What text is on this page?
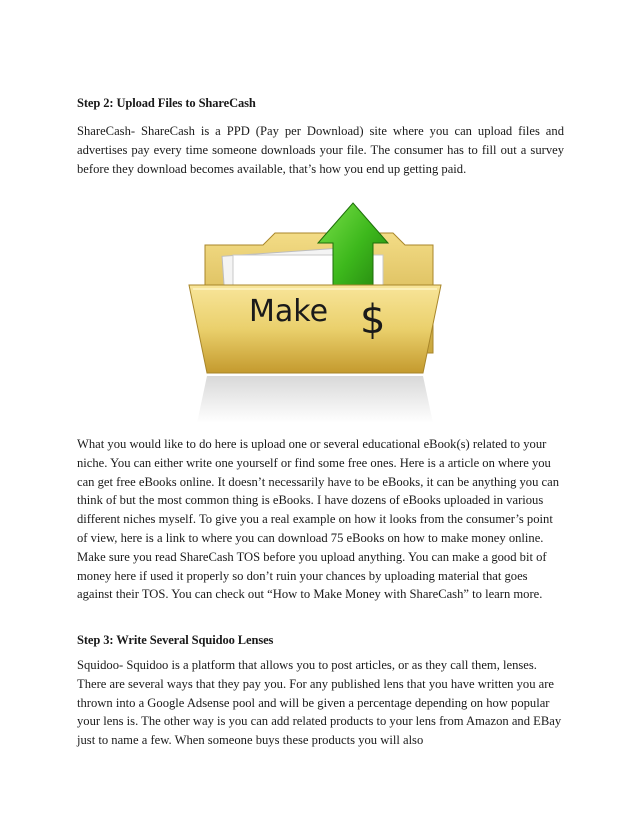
Step 2: Upload Files to ShareCash

ShareCash- ShareCash is a PPD (Pay per Download) site where you can upload files and advertises pay every time someone downloads your file. The consumer has to fill out a survey before they download becomes available, that’s how you end up getting paid.

Make $

What you would like to do here is upload one or several educational eBook(s) related to your niche. You can either write one yourself or find some free ones. Here is a article on where you can get free eBooks online. It doesn’t necessarily have to be eBooks, it can be anything you can think of but the most common thing is eBooks. I have dozens of eBooks uploaded in various different niches myself. To give you a real example on how it looks from the consumer’s point of view, here is a link to where you can download 75 eBooks on how to make money online. Make sure you read ShareCash TOS before you upload anything. You can make a good bit of money here if used it properly so don’t ruin your chances by uploading material that goes against their TOS. You can check out “How to Make Money with ShareCash” to learn more.

Step 3: Write Several Squidoo Lenses

Squidoo- Squidoo is a platform that allows you to post articles, or as they call them, lenses. There are several ways that they pay you. For any published lens that you have written you are thrown into a Google Adsense pool and will be given a percentage depending on how popular your lens is. The other way is you can add related products to your lens from Amazon and EBay just to name a few. When someone buys these products you will also
